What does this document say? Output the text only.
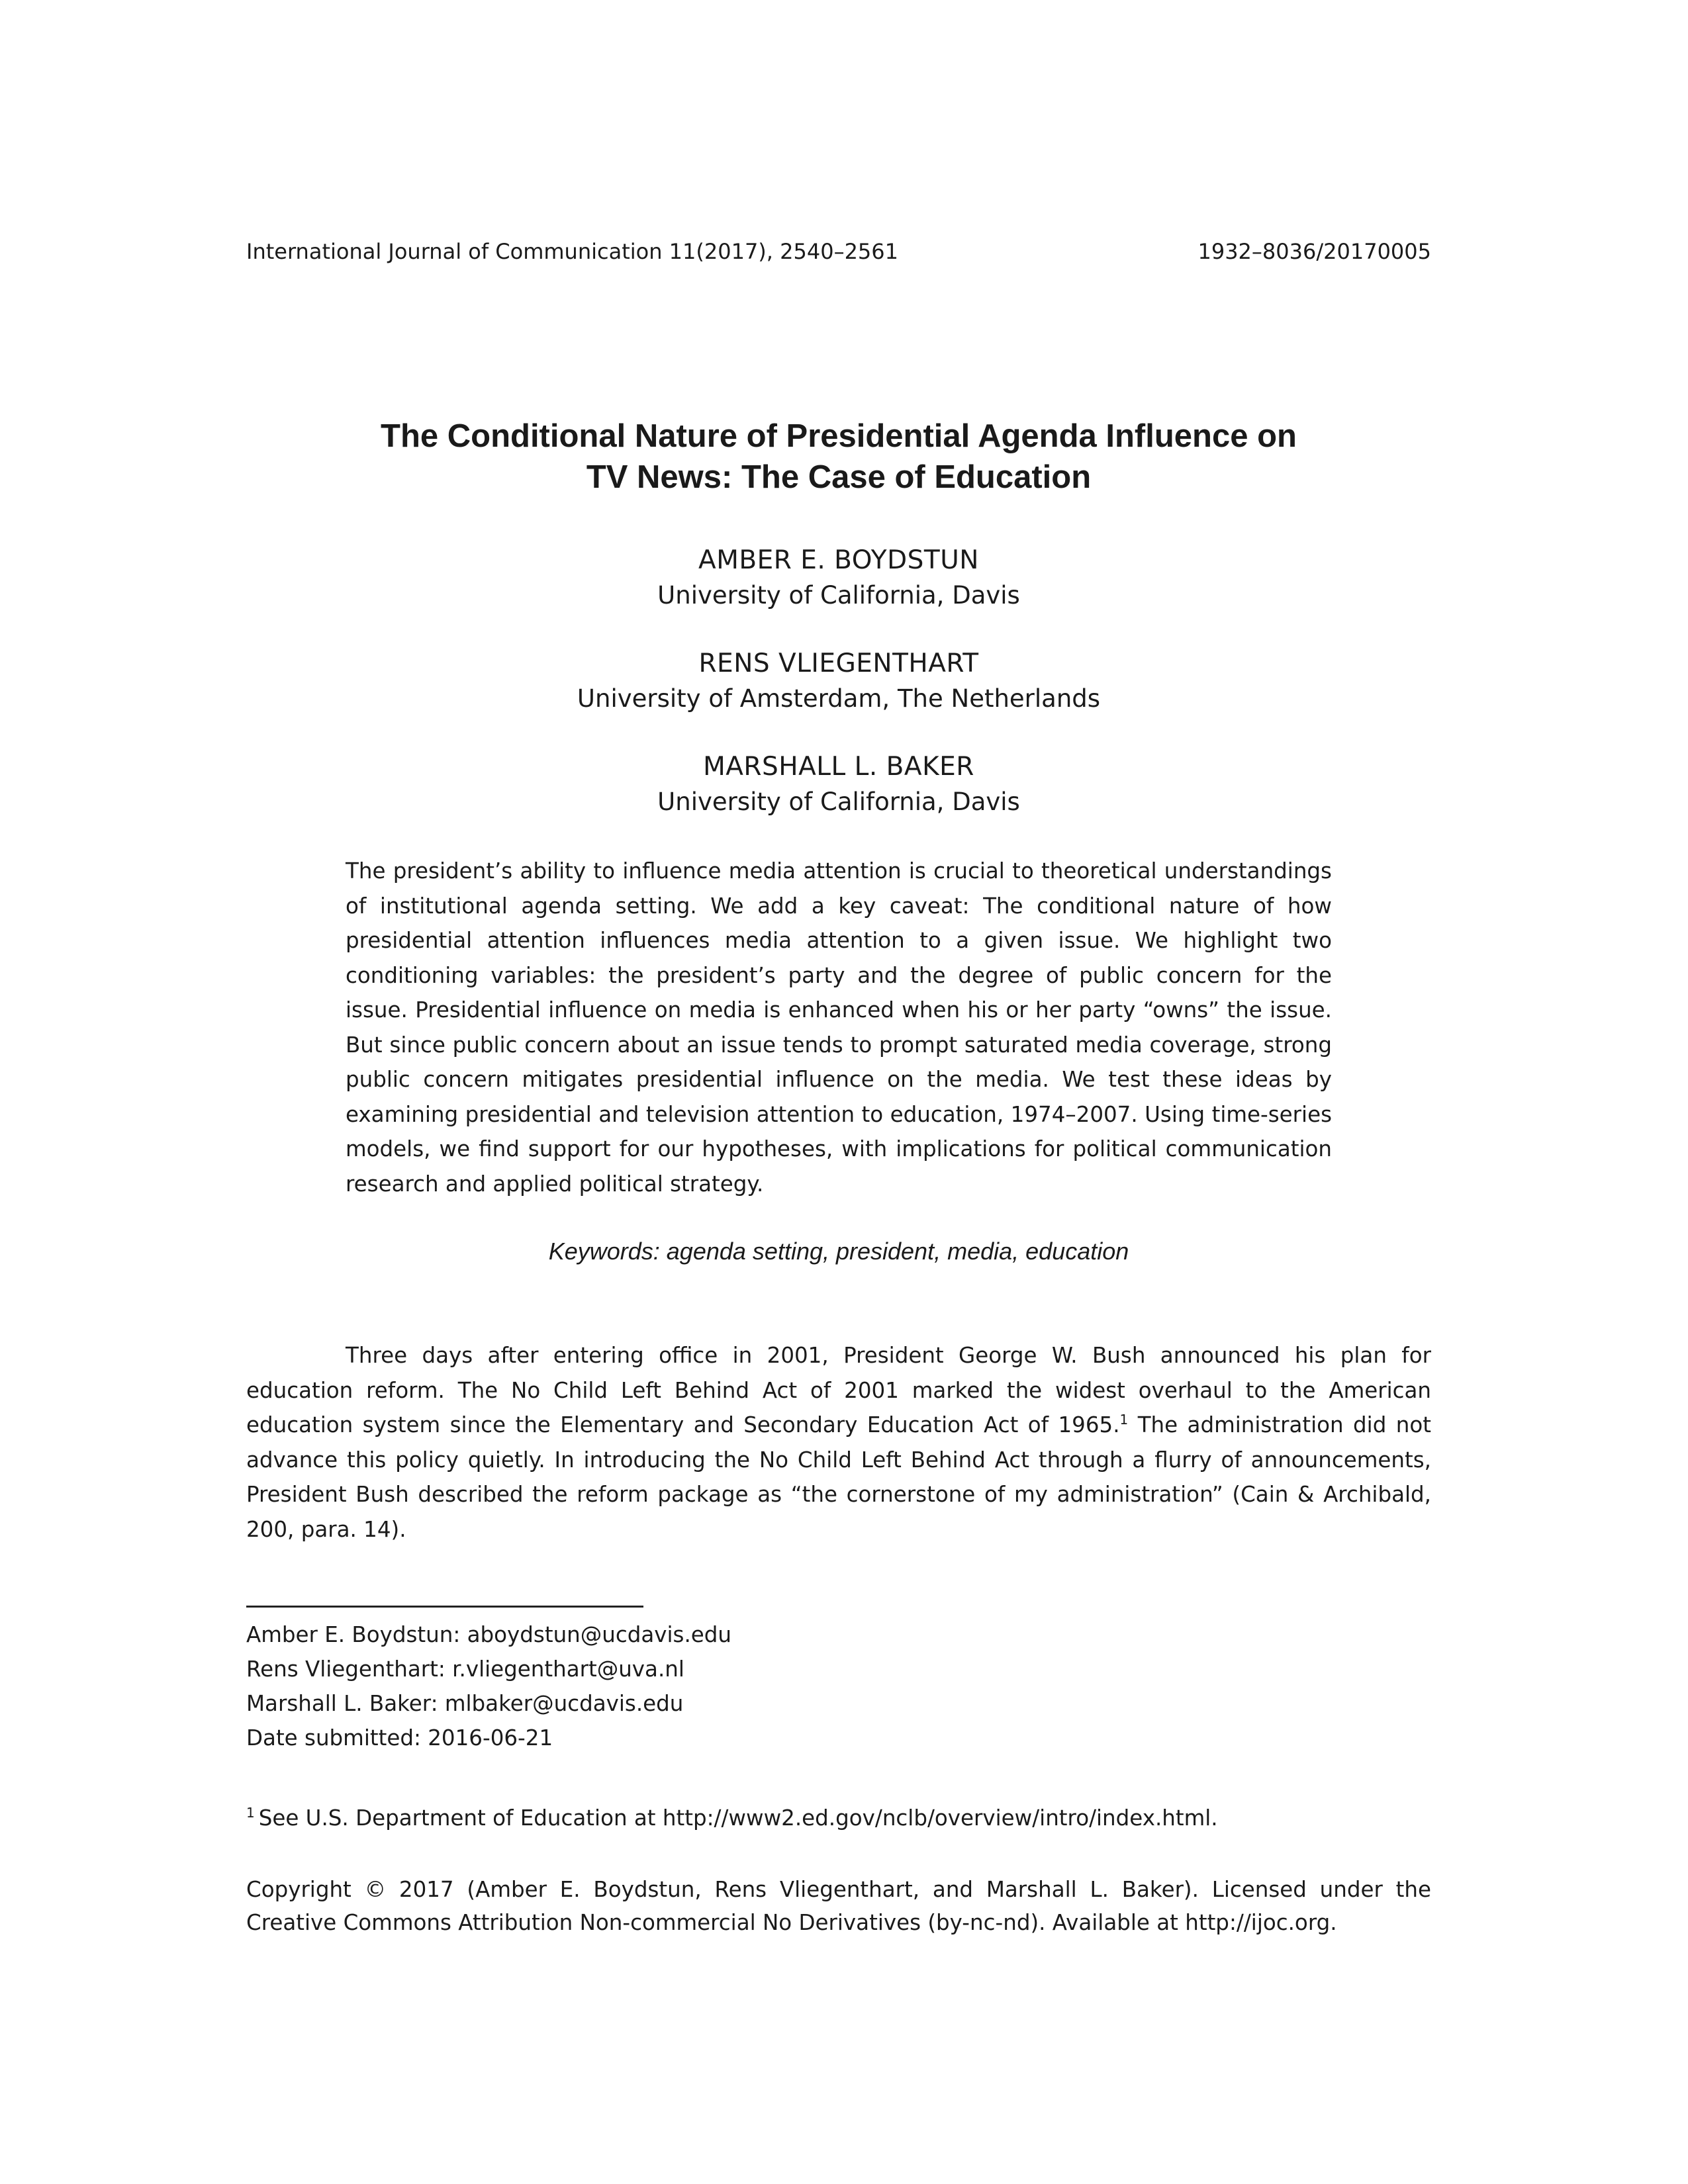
International Journal of Communication 11(2017), 2540–2561	1932–8036/20170005
The Conditional Nature of Presidential Agenda Influence on
TV News: The Case of Education
AMBER E. BOYDSTUN
University of California, Davis
RENS VLIEGENTHART
University of Amsterdam, The Netherlands
MARSHALL L. BAKER
University of California, Davis
The president’s ability to influence media attention is crucial to theoretical understandings of institutional agenda setting. We add a key caveat: The conditional nature of how presidential attention influences media attention to a given issue. We highlight two conditioning variables: the president’s party and the degree of public concern for the issue. Presidential influence on media is enhanced when his or her party “owns” the issue. But since public concern about an issue tends to prompt saturated media coverage, strong public concern mitigates presidential influence on the media. We test these ideas by examining presidential and television attention to education, 1974–2007. Using time-series models, we find support for our hypotheses, with implications for political communication research and applied political strategy.
Keywords: agenda setting, president, media, education
Three days after entering office in 2001, President George W. Bush announced his plan for education reform. The No Child Left Behind Act of 2001 marked the widest overhaul to the American education system since the Elementary and Secondary Education Act of 1965.$^1$ The administration did not advance this policy quietly. In introducing the No Child Left Behind Act through a flurry of announcements, President Bush described the reform package as “the cornerstone of my administration” (Cain & Archibald, 200, para. 14).
Amber E. Boydstun: aboydstun@ucdavis.edu
Rens Vliegenthart: r.vliegenthart@uva.nl
Marshall L. Baker: mlbaker@ucdavis.edu
Date submitted: 2016-06-21
$^1$ See U.S. Department of Education at http://www2.ed.gov/nclb/overview/intro/index.html.
Copyright © 2017 (Amber E. Boydstun, Rens Vliegenthart, and Marshall L. Baker). Licensed under the Creative Commons Attribution Non-commercial No Derivatives (by-nc-nd). Available at http://ijoc.org.
